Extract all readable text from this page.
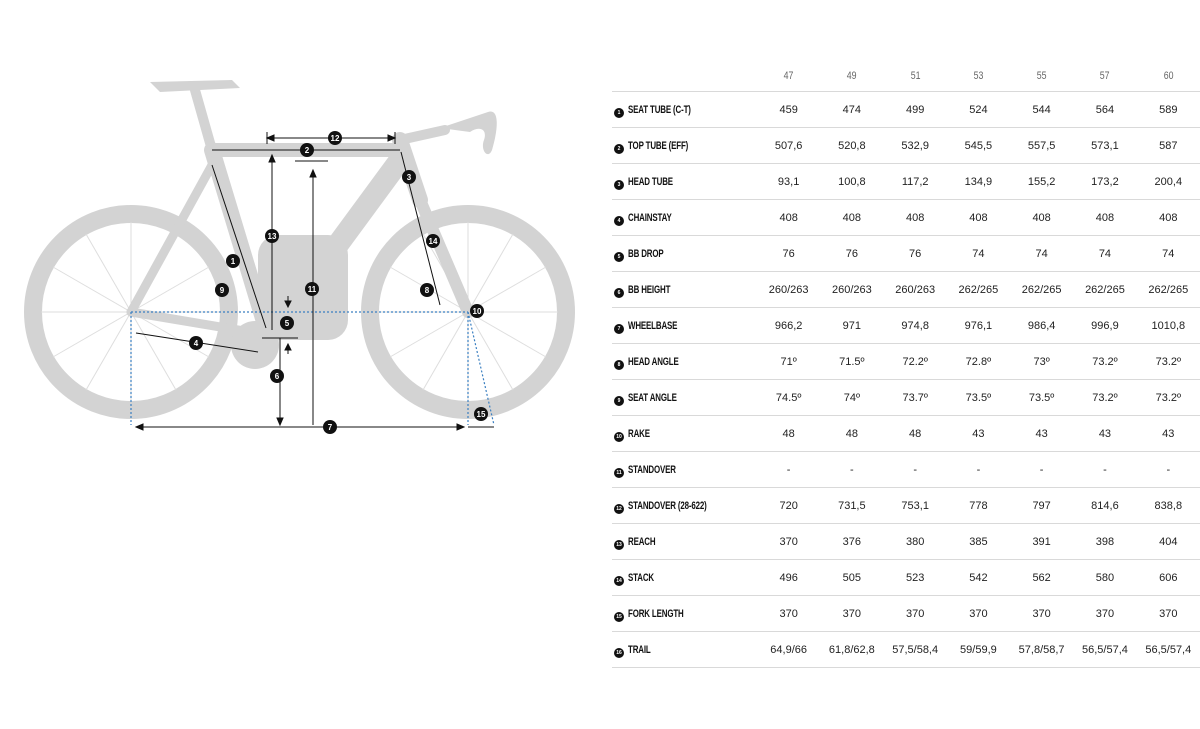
1
2
3
4
5
6
7
8
9
10
11
12
13
14
15
		47	49	51	53	55	57	60
1	SEAT TUBE (C-T)	459	474	499	524	544	564	589
2	TOP TUBE (EFF)	507,6	520,8	532,9	545,5	557,5	573,1	587
3	HEAD TUBE	93,1	100,8	117,2	134,9	155,2	173,2	200,4
4	CHAINSTAY	408	408	408	408	408	408	408
5	BB DROP	76	76	76	74	74	74	74
6	BB HEIGHT	260/263	260/263	260/263	262/265	262/265	262/265	262/265
7	WHEELBASE	966,2	971	974,8	976,1	986,4	996,9	1010,8
8	HEAD ANGLE	71º	71.5º	72.2º	72.8º	73º	73.2º	73.2º
9	SEAT ANGLE	74.5º	74º	73.7º	73.5º	73.5º	73.2º	73.2º
10	RAKE	48	48	48	43	43	43	43
11	STANDOVER	-	-	-	-	-	-	-
12	STANDOVER (28-622)	720	731,5	753,1	778	797	814,6	838,8
13	REACH	370	376	380	385	391	398	404
14	STACK	496	505	523	542	562	580	606
15	FORK LENGTH	370	370	370	370	370	370	370
16	TRAIL	64,9/66	61,8/62,8	57,5/58,4	59/59,9	57,8/58,7	56,5/57,4	56,5/57,4
